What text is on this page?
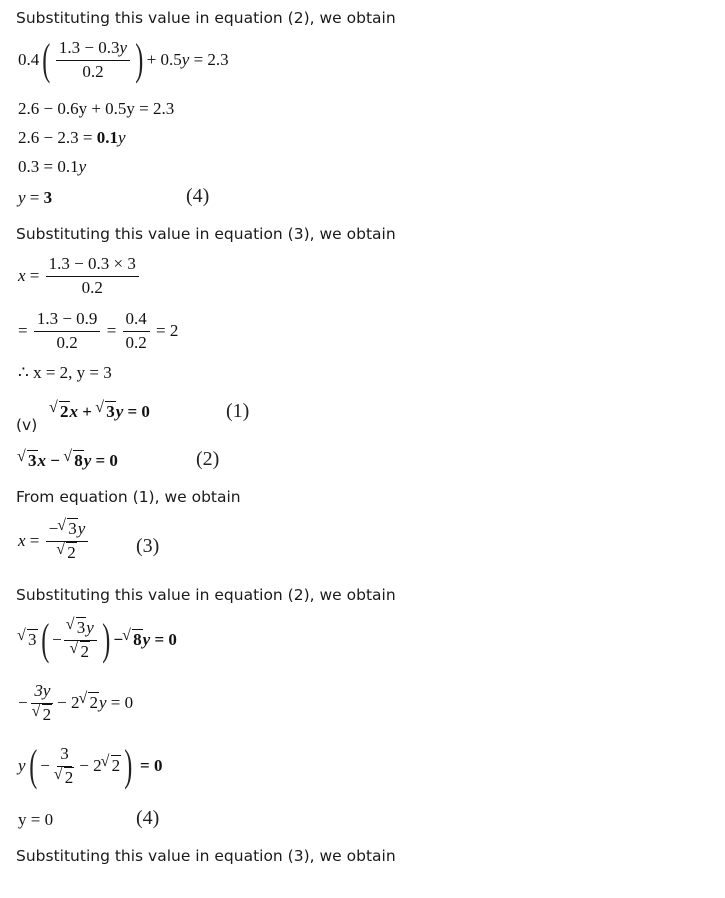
Substituting this value in equation (2), we obtain
$0.4( \frac{1.3 - 0.3y}{0.2}$ ) + 0.5y = 2.3
2.6 − 0.6y + 0.5y = 2.3
2.6 − 2.3 = 0.1y
0.3 = 0.1y
y = 3	(4)
Substituting this value in equation (3), we obtain
$x = \frac{1.3 - 0.3 \times 3}{0.2}$
= $\frac{1.3 - 0.9}{0.2} = \frac{0.4}{0.2} = 2$
∴ x = 2, y = 3
(v)
√ 2x + √ 3y = 0	(1)
√ 3x − √ 8y = 0	(2)
From equation (1), we obtain
x = − √ 3y
√ 2 (3)
Substituting this value in equation (2), we obtain
√ 3( − √ 3y
√ 2 ) − √ 8y = 0
− 3y
√ 2 − 2 √ 2y = 0
y( − 3
√ 2 − 2 √ 2) = 0
y = 0	(4)
Substituting this value in equation (3), we obtain
